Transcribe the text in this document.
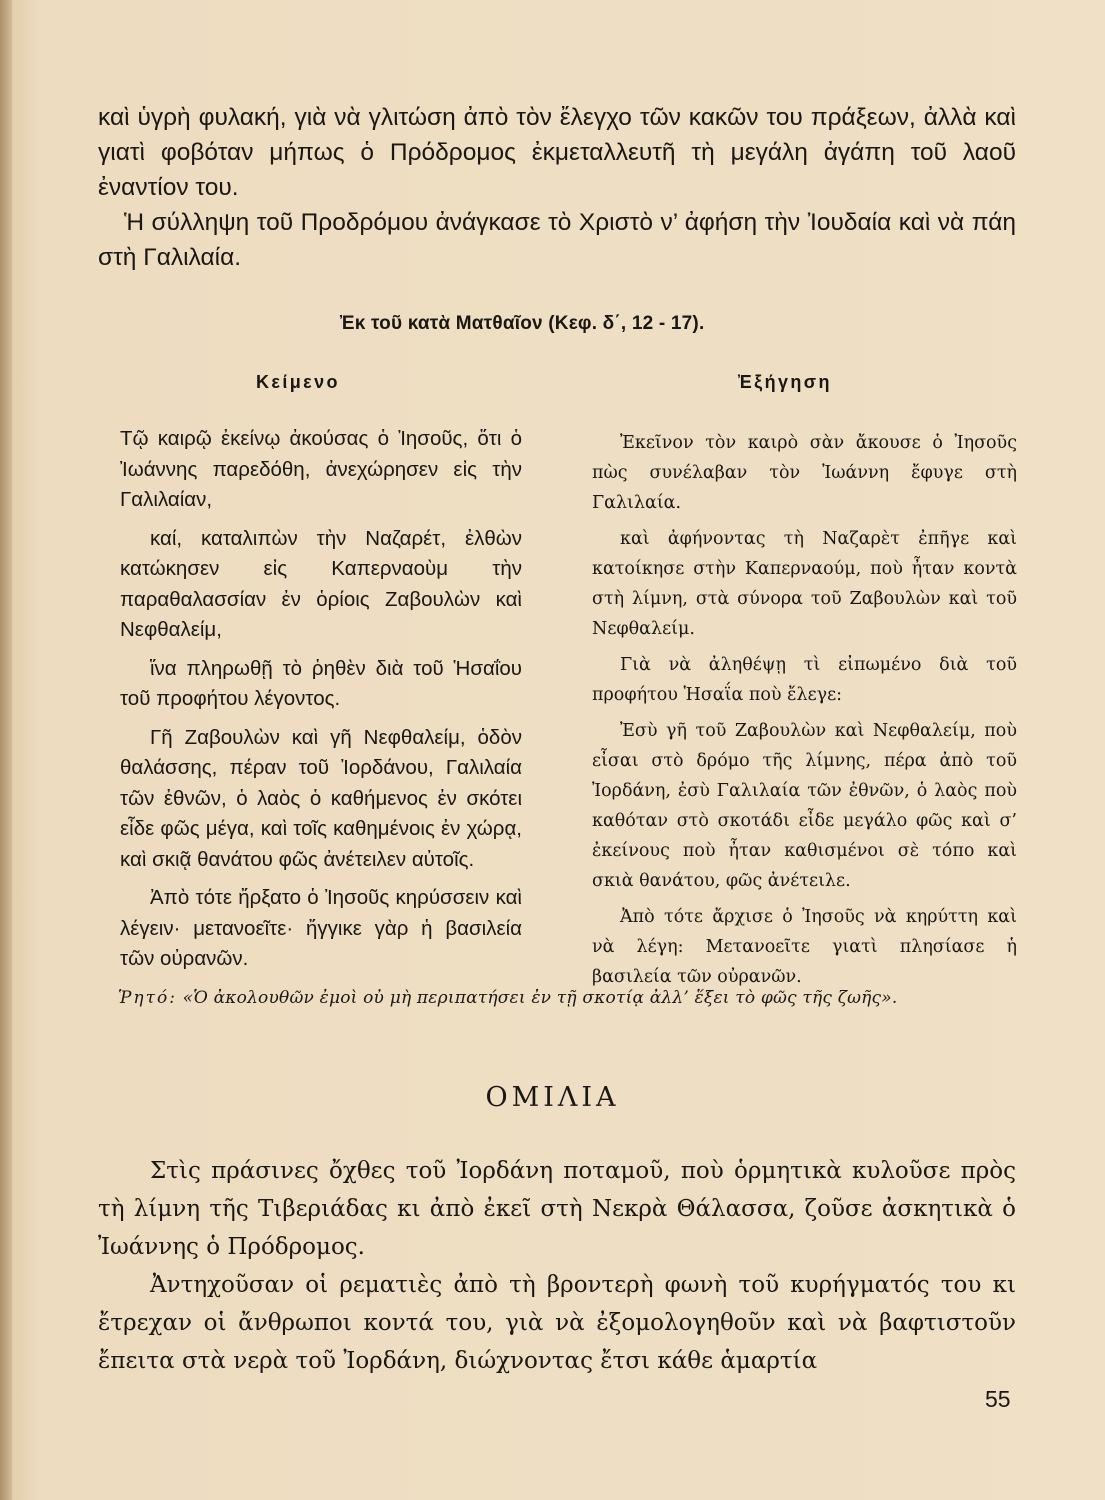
καὶ ὑγρὴ φυλακή, γιὰ νὰ γλιτώση ἀπὸ τὸν ἔλεγχο τῶν κακῶν του πράξεων, ἀλλὰ καὶ γιατὶ φοβόταν μήπως ὁ Πρόδρομος ἐκμεταλλευτῆ τὴ μεγάλη ἀγάπη τοῦ λαοῦ ἐναντίον του.

Ἡ σύλληψη τοῦ Προδρόμου ἀνάγκασε τὸ Χριστὸ ν’ ἀφήση τὴν Ἰουδαία καὶ νὰ πάη στὴ Γαλιλαία.

Ἐκ τοῦ κατὰ Ματθαῖον (Κεφ. δ΄, 12 - 17).
Κείμενο	Ἐξήγηση

Τῷ καιρῷ ἐκείνῳ ἀκούσας ὁ Ἰησοῦς, ὅτι ὁ Ἰωάννης παρεδόθη, ἀνεχώρησεν εἰς τὴν Γαλιλαίαν,

καί, καταλιπὼν τὴν Ναζαρέτ, ἐλθὼν κατώκησεν εἰς Καπερναοὺμ τὴν παραθαλασσίαν ἐν ὁρίοις Ζαβουλὼν καὶ Νεφθαλείμ,

ἵνα πληρωθῇ τὸ ῥηθὲν διὰ τοῦ Ἡσαΐου τοῦ προφήτου λέγοντος.

Γῆ Ζαβουλὼν καὶ γῆ Νεφθαλείμ, ὁδὸν θαλάσσης, πέραν τοῦ Ἰορδάνου, Γαλιλαία τῶν ἐθνῶν, ὁ λαὸς ὁ καθήμενος ἐν σκότει εἶδε φῶς μέγα, καὶ τοῖς καθημένοις ἐν χώρᾳ, καὶ σκιᾷ θανάτου φῶς ἀνέτειλεν αὐτοῖς.

Ἀπὸ τότε ἤρξατο ὁ Ἰησοῦς κηρύσσειν καὶ λέγειν· μετανοεῖτε· ἤγγικε γὰρ ἡ βασιλεία τῶν οὐρανῶν.

Ἐκεῖνον τὸν καιρὸ σὰν ἄκουσε ὁ Ἰησοῦς πὼς συνέλαβαν τὸν Ἰωάννη ἔφυγε στὴ Γαλιλαία.

καὶ ἀφήνοντας τὴ Ναζαρὲτ ἐπῆγε καὶ κατοίκησε στὴν Καπερναούμ, ποὺ ἦταν κοντὰ στὴ λίμνη, στὰ σύνορα τοῦ Ζαβουλὼν καὶ τοῦ Νεφθαλείμ.

Γιὰ νὰ ἀληθέψῃ τὶ εἰπωμένο διὰ τοῦ προφήτου Ἡσαΐα ποὺ ἔλεγε:

Ἐσὺ γῆ τοῦ Ζαβουλὼν καὶ Νεφθαλείμ, ποὺ εἶσαι στὸ δρόμο τῆς λίμνης, πέρα ἀπὸ τοῦ Ἰορδάνη, ἐσὺ Γαλιλαία τῶν ἐθνῶν, ὁ λαὸς ποὺ καθόταν στὸ σκοτάδι εἶδε μεγάλο φῶς καὶ σ’ ἐκείνους ποὺ ἦταν καθισμένοι σὲ τόπο καὶ σκιὰ θανάτου, φῶς ἀνέτειλε.

Ἀπὸ τότε ἄρχισε ὁ Ἰησοῦς νὰ κηρύττη καὶ νὰ λέγη: Μετανοεῖτε γιατὶ πλησίασε ἡ βασιλεία τῶν οὐρανῶν.

Ῥητό: «Ὁ ἀκολουθῶν ἐμοὶ οὐ μὴ περιπατήσει ἐν τῇ σκοτίᾳ ἀλλ’ ἕξει τὸ φῶς τῆς ζωῆς».
ΟΜΙΛΙΑ

Στὶς πράσινες ὄχθες τοῦ Ἰορδάνη ποταμοῦ, ποὺ ὁρμητικὰ κυλοῦσε πρὸς τὴ λίμνη τῆς Τιβεριάδας κι ἀπὸ ἐκεῖ στὴ Νεκρὰ Θάλασσα, ζοῦσε ἀσκητικὰ ὁ Ἰωάννης ὁ Πρόδρομος.

Ἀντηχοῦσαν οἱ ρεματιὲς ἀπὸ τὴ βροντερὴ φωνὴ τοῦ κυρήγματός του κι ἔτρεχαν οἱ ἄνθρωποι κοντά του, γιὰ νὰ ἐξομολογηθοῦν καὶ νὰ βαφτιστοῦν ἔπειτα στὰ νερὰ τοῦ Ἰορδάνη, διώχνοντας ἔτσι κάθε ἁμαρτία

55
